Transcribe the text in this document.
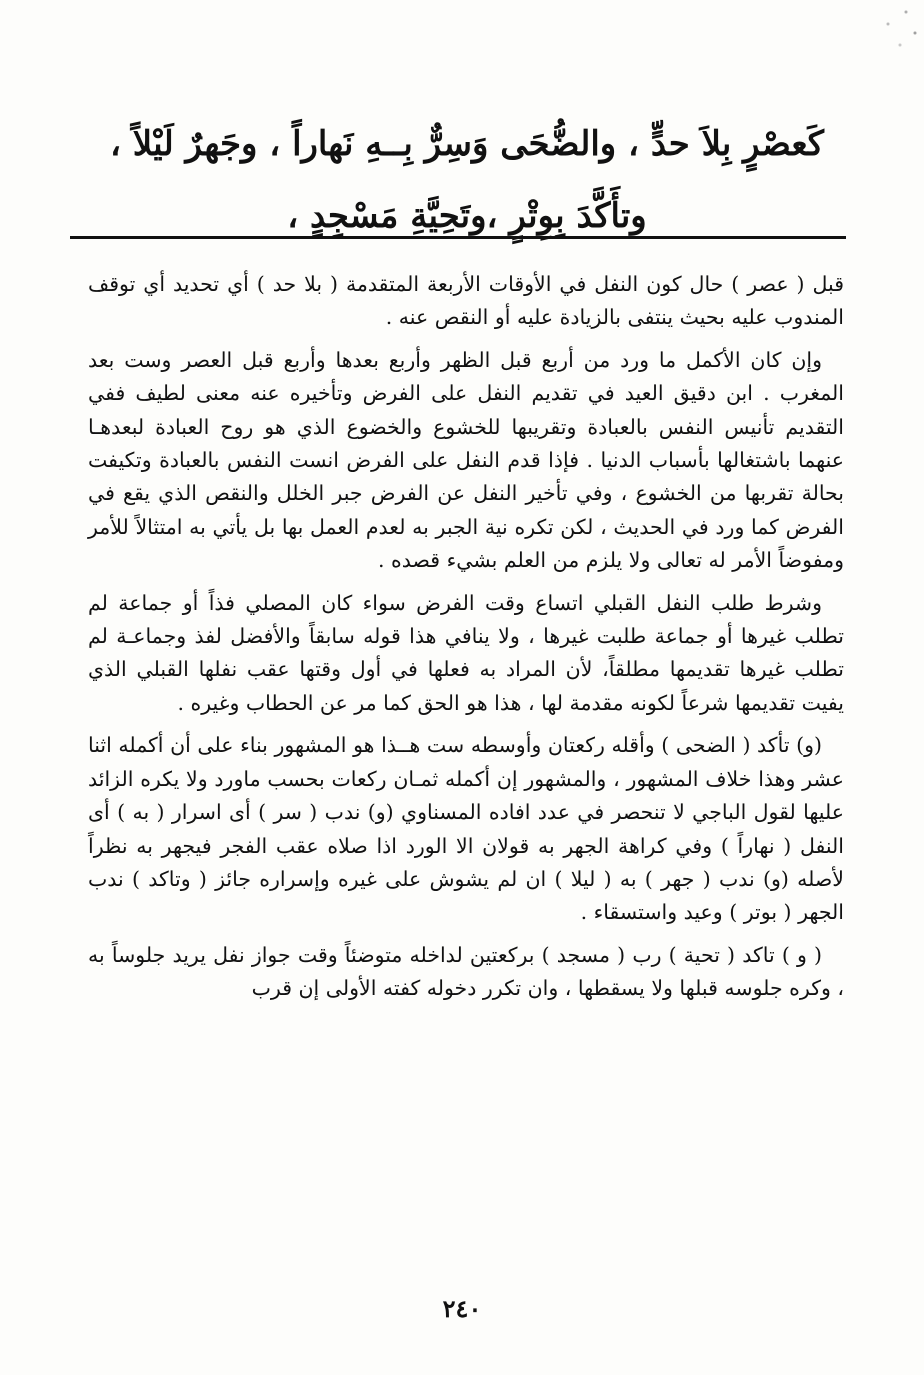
كَعصْرٍ بِلاَ حدٍّ ، والضُّحَى وَسِرٌّ بِــهِ نَهاراً ، وجَهرٌ لَيْلاً ،
وتأَكَّدَ بِوِتْرٍ ،وتَحِيَّةِ مَسْجِدٍ ،

قبل ( عصر ) حال كون النفل في الأوقات الأربعة المتقدمة ( بلا حد ) أي تحديد أي توقف المندوب عليه بحيث ينتفى بالزيادة عليه أو النقص عنه .

وإن كان الأكمل ما ورد من أربع قبل الظهر وأربع بعدها وأربع قبل العصر وست بعد المغرب . ابن دقيق العيد في تقديم النفل على الفرض وتأخيره عنه معنى لطيف ففي التقديم تأنيس النفس بالعبادة وتقريبها للخشوع والخضوع الذي هو روح العبادة لبعدهـا عنهما باشتغالها بأسباب الدنيا . فإذا قدم النفل على الفرض انست النفس بالعبادة وتكيفت بحالة تقربها من الخشوع ، وفي تأخير النفل عن الفرض جبر الخلل والنقص الذي يقع في الفرض كما ورد في الحديث ، لكن تكره نية الجبر به لعدم العمل بها بل يأتي به امتثالاً للأمر ومفوضاً الأمر له تعالى ولا يلزم من العلم بشيء قصده .

وشرط طلب النفل القبلي اتساع وقت الفرض سواء كان المصلي فذاً أو جماعة لم تطلب غيرها أو جماعة طلبت غيرها ، ولا ينافي هذا قوله سابقاً والأفضل لفذ وجماعـة لم تطلب غيرها تقديمها مطلقاً، لأن المراد به فعلها في أول وقتها عقب نفلها القبلي الذي يفيت تقديمها شرعاً لكونه مقدمة لها ، هذا هو الحق كما مر عن الحطاب وغيره .

(و) تأكد ( الضحى ) وأقله ركعتان وأوسطه ست هــذا هو المشهور بناء على أن أكمله اثنا عشر وهذا خلاف المشهور ، والمشهور إن أكمله ثمـان ركعات بحسب ماورد ولا يكره الزائد عليها لقول الباجي لا تنحصر في عدد افاده المسناوي (و) ندب ( سر ) أى اسرار ( به ) أى النفل ( نهاراً ) وفي كراهة الجهر به قولان الا الورد اذا صلاه عقب الفجر فيجهر به نظراً لأصله (و) ندب ( جهر ) به ( ليلا ) ان لم يشوش على غيره وإسراره جائز ( وتاكد ) ندب الجهر ( بوتر ) وعيد واستسقاء .

( و ) تاكد ( تحية ) رب ( مسجد ) بركعتين لداخله متوضئاً وقت جواز نفل يريد جلوساً به ، وكره جلوسه قبلها ولا يسقطها ، وان تكرر دخوله كفته الأولى إن قرب

٢٤٠
